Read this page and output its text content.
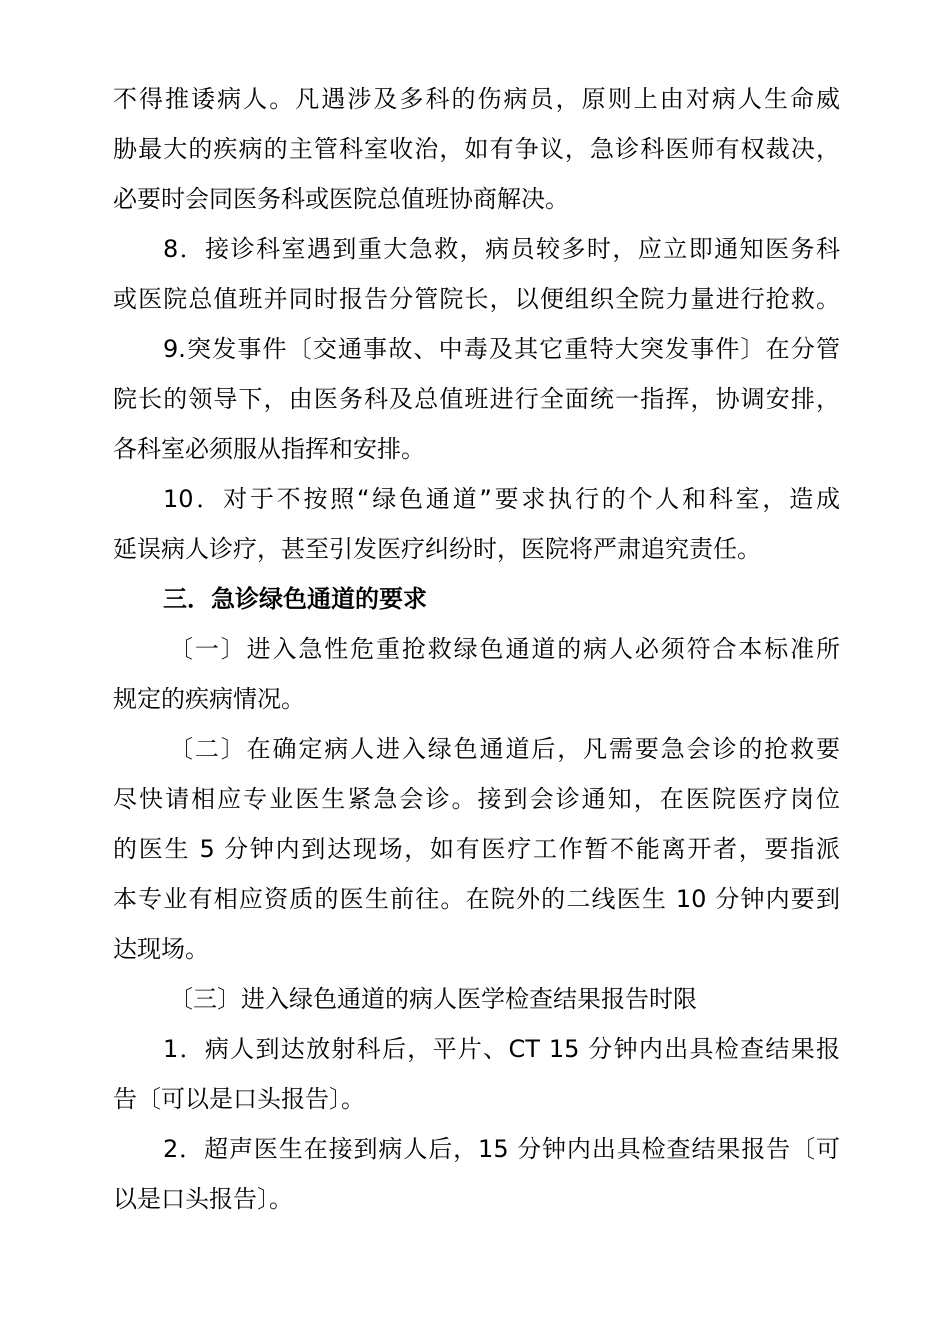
不得推诿病人。凡遇涉及多科的伤病员，原则上由对病人生命威
胁最大的疾病的主管科室收治，如有争议，急诊科医师有权裁决，
必要时会同医务科或医院总值班协商解决。
8．接诊科室遇到重大急救，病员较多时，应立即通知医务科
或医院总值班并同时报告分管院长，以便组织全院力量进行抢救。
9.突发事件〔交通事故、中毒及其它重特大突发事件〕在分管
院长的领导下，由医务科及总值班进行全面统一指挥，协调安排，
各科室必须服从指挥和安排。
10．对于不按照“绿色通道”要求执行的个人和科室，造成
延误病人诊疗，甚至引发医疗纠纷时，医院将严肃追究责任。
三．急诊绿色通道的要求
〔一〕进入急性危重抢救绿色通道的病人必须符合本标准所
规定的疾病情况。
〔二〕在确定病人进入绿色通道后，凡需要急会诊的抢救要
尽快请相应专业医生紧急会诊。接到会诊通知，在医院医疗岗位
的医生 5 分钟内到达现场，如有医疗工作暂不能离开者，要指派
本专业有相应资质的医生前往。在院外的二线医生 10 分钟内要到
达现场。
〔三〕进入绿色通道的病人医学检查结果报告时限
1．病人到达放射科后，平片、CT 15 分钟内出具检查结果报
告〔可以是口头报告〕。
2．超声医生在接到病人后，15 分钟内出具检查结果报告〔可
以是口头报告〕。
